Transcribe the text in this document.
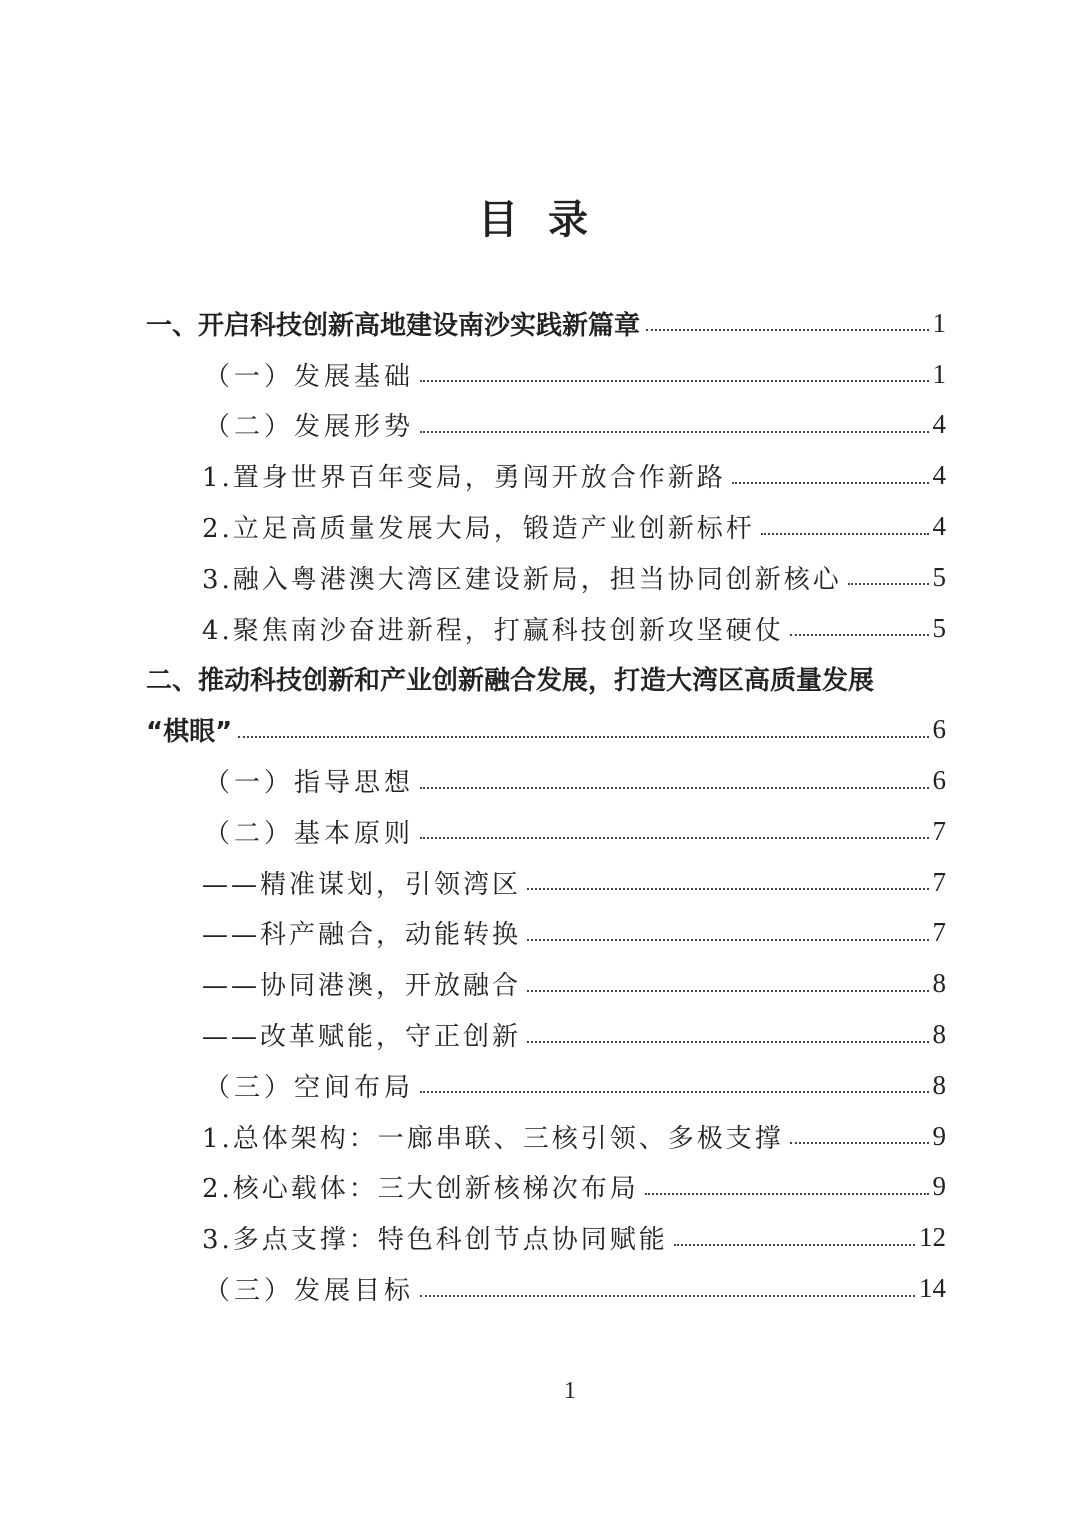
目录
一、开启科技创新高地建设南沙实践新篇章	1
（一）发展基础	1
（二）发展形势	4
1.置身世界百年变局，勇闯开放合作新路	4
2.立足高质量发展大局，锻造产业创新标杆	4
3.融入粤港澳大湾区建设新局，担当协同创新核心	5
4.聚焦南沙奋进新程，打赢科技创新攻坚硬仗	5
二、推动科技创新和产业创新融合发展，打造大湾区高质量发展
“棋眼”	6
（一）指导思想	6
（二）基本原则	7
——精准谋划，引领湾区	7
——科产融合，动能转换	7
——协同港澳，开放融合	8
——改革赋能，守正创新	8
（三）空间布局	8
1.总体架构：一廊串联、三核引领、多极支撑	9
2.核心载体：三大创新核梯次布局	9
3.多点支撑：特色科创节点协同赋能	12
（三）发展目标	14
1
